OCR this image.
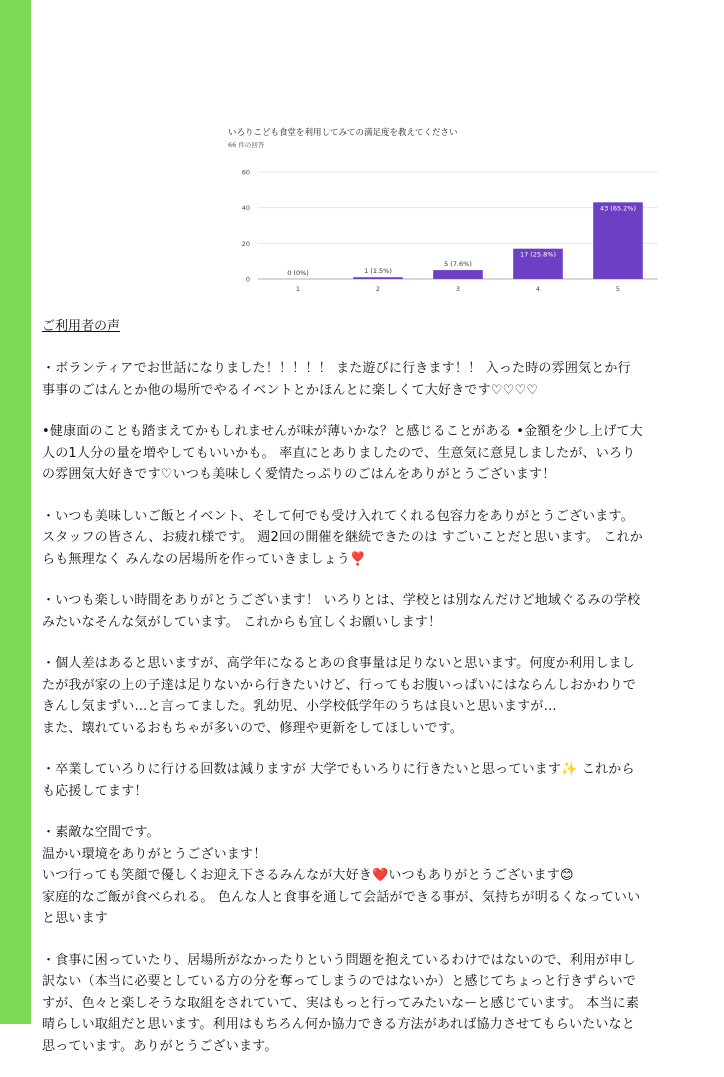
いろりこども食堂を利用してみての満足度を教えてください
66 件の回答
0
20
40
60
0 (0%)
1
1 (1.5%)
2
5 (7.6%)
3
17 (25.8%)
4
43 (65.2%)
5
ご利用者の声

・ボランティアでお世話になりました！！！！！ また遊びに行きます！！ 入った時の雰囲気とか行
事事のごはんとか他の場所でやるイベントとかほんとに楽しくて大好きです♡♡♡♡

•健康面のことも踏まえてかもしれませんが味が薄いかな？と感じることがある •金額を少し上げて大
人の1人分の量を増やしてもいいかも。 率直にとありましたので、生意気に意見しましたが、いろり
の雰囲気大好きです♡いつも美味しく愛情たっぷりのごはんをありがとうございます！

・いつも美味しいご飯とイベント、そして何でも受け入れてくれる包容力をありがとうございます。
スタッフの皆さん、お疲れ様です。 週2回の開催を継続できたのは すごいことだと思います。 これか
らも無理なく みんなの居場所を作っていきましょう❣️

・いつも楽しい時間をありがとうございます！ いろりとは、学校とは別なんだけど地域ぐるみの学校
みたいなそんな気がしています。 これからも宜しくお願いします！

・個人差はあると思いますが、高学年になるとあの食事量は足りないと思います。何度か利用しまし
たが我が家の上の子達は足りないから行きたいけど、行ってもお腹いっぱいにはならんしおかわりで
きんし気まずい…と言ってました。乳幼児、小学校低学年のうちは良いと思いますが…
また、壊れているおもちゃが多いので、修理や更新をしてほしいです。

・卒業していろりに行ける回数は減りますが 大学でもいろりに行きたいと思っています✨ これから
も応援してます！

・素敵な空間です。
温かい環境をありがとうございます！
いつ行っても笑顔で優しくお迎え下さるみんなが大好き❤️いつもありがとうございます😊
家庭的なご飯が食べられる。 色んな人と食事を通して会話ができる事が、気持ちが明るくなっていい
と思います

・食事に困っていたり、居場所がなかったりという問題を抱えているわけではないので、利用が申し
訳ない（本当に必要としている方の分を奪ってしまうのではないか）と感じてちょっと行きずらいで
すが、色々と楽しそうな取組をされていて、実はもっと行ってみたいなーと感じています。 本当に素
晴らしい取組だと思います。利用はもちろん何か協力できる方法があれば協力させてもらいたいなと
思っています。ありがとうございます。
